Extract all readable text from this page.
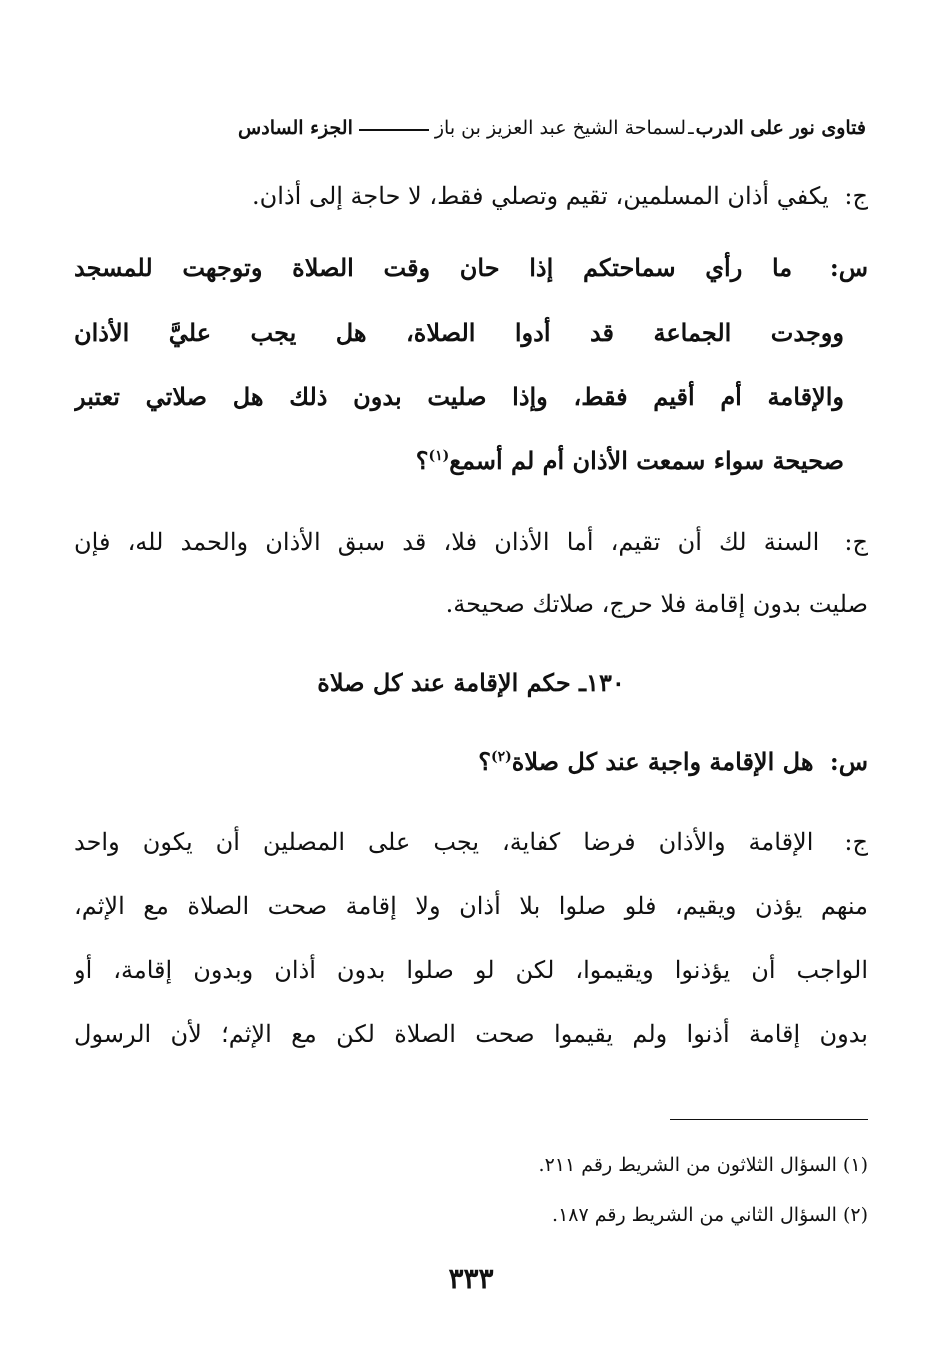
فتاوى نور على الدرب
ـ
لسماحة الشيخ عبد العزيز بن باز
الجزء السادس
ج: يكفي أذان المسلمين، تقيم وتصلي فقط، لا حاجة إلى أذان.
س: ما رأي سماحتكم إذا حان وقت الصلاة وتوجهت للمسجد
ووجدت الجماعة قد أدوا الصلاة، هل يجب عليَّ الأذان
والإقامة أم أقيم فقط، وإذا صليت بدون ذلك هل صلاتي تعتبر
صحيحة سواء سمعت الأذان أم لم أسمع$^{(١)}$؟
ج: السنة لك أن تقيم، أما الأذان فلا، قد سبق الأذان والحمد لله، فإن
صليت بدون إقامة فلا حرج، صلاتك صحيحة.
١٣٠ـ حكم الإقامة عند كل صلاة
س: هل الإقامة واجبة عند كل صلاة$^{(٢)}$؟
ج: الإقامة والأذان فرضا كفاية، يجب على المصلين أن يكون واحد
منهم يؤذن ويقيم، فلو صلوا بلا أذان ولا إقامة صحت الصلاة مع الإثم،
الواجب أن يؤذنوا ويقيموا، لكن لو صلوا بدون أذان وبدون إقامة، أو
بدون إقامة أذنوا ولم يقيموا صحت الصلاة لكن مع الإثم؛ لأن الرسول
(١) السؤال الثلاثون من الشريط رقم ٢١١.
(٢) السؤال الثاني من الشريط رقم ١٨٧.
٣٣٣
